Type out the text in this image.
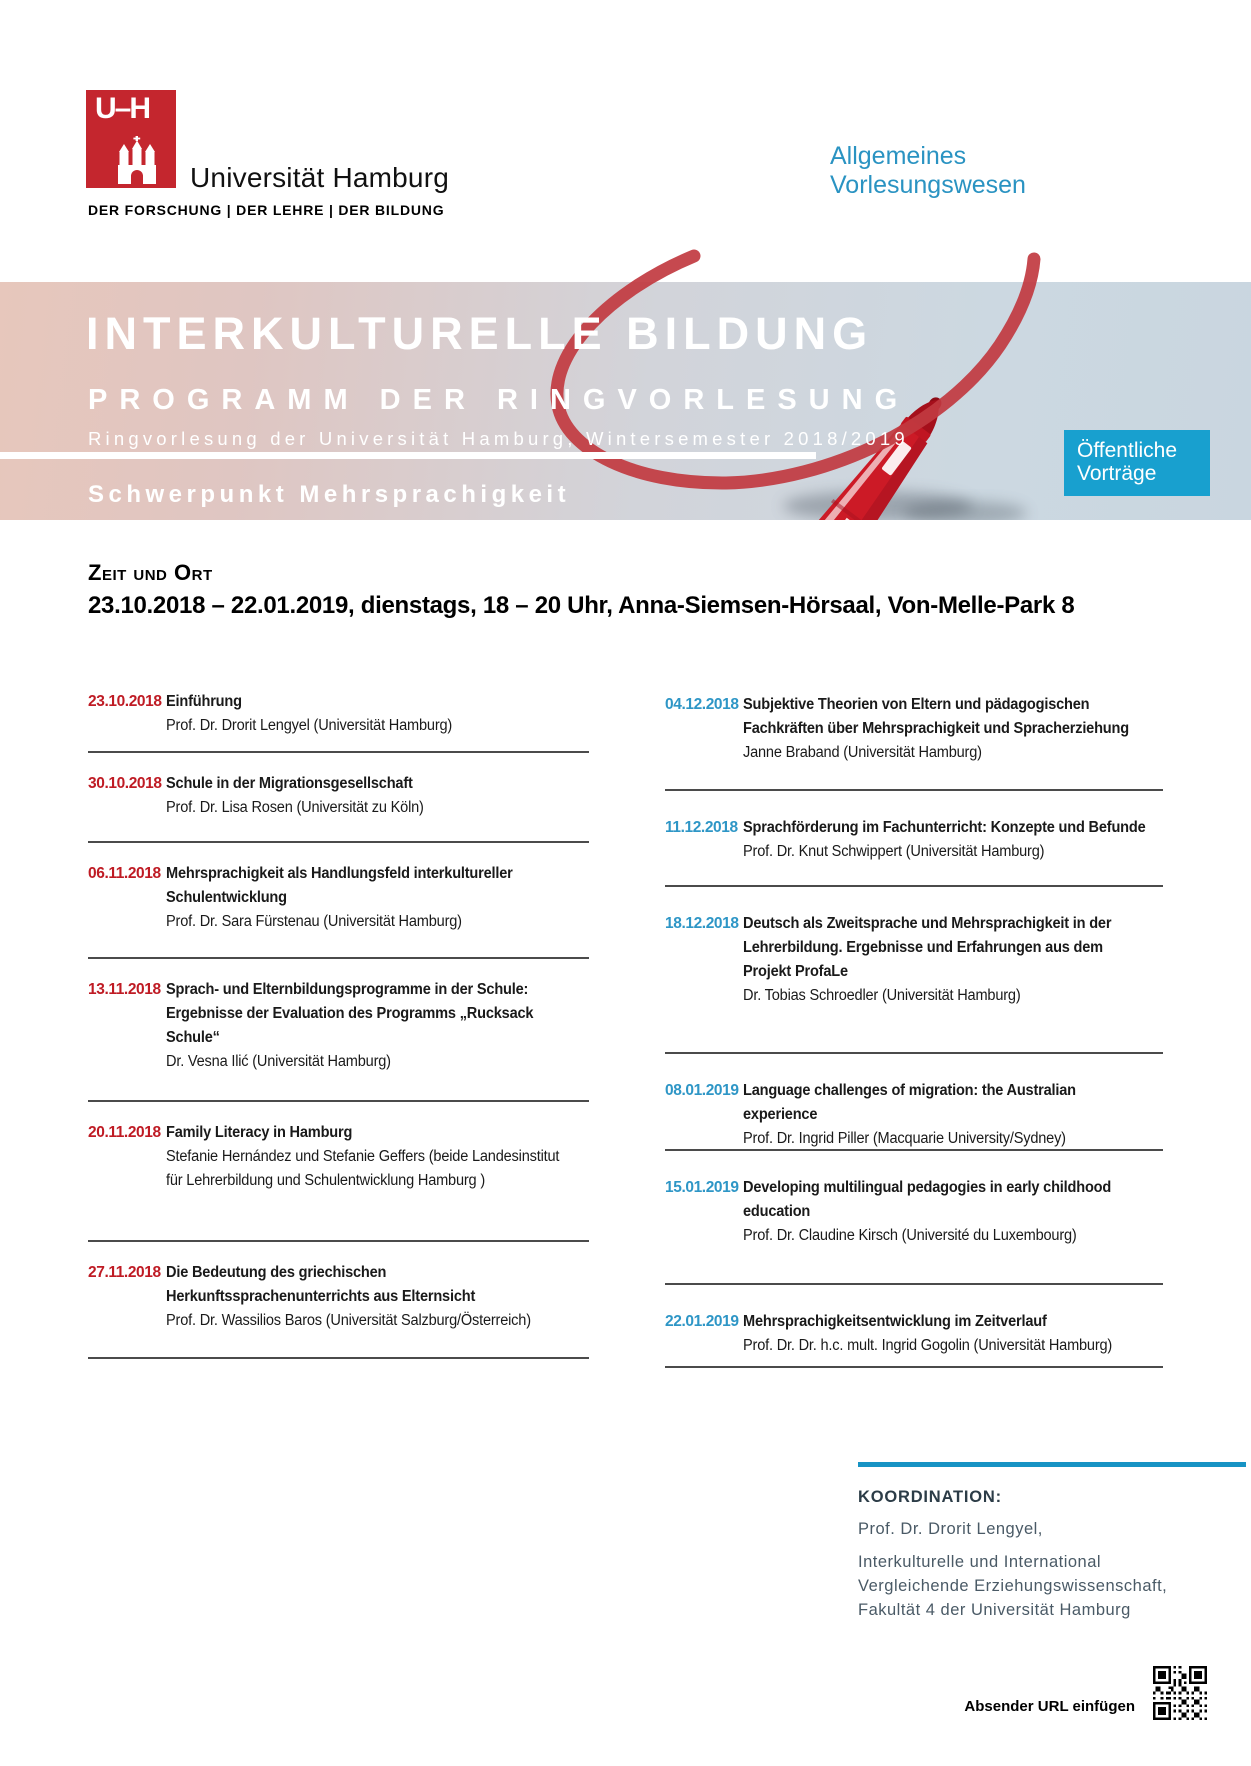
U–H
Universität Hamburg
DER FORSCHUNG | DER LEHRE | DER BILDUNG
Allgemeines
Vorlesungswesen
INTERKULTURELLE BILDUNG
PROGRAMM DER RINGVORLESUNG
Ringvorlesung der Universität Hamburg, Wintersemester 2018/2019
Schwerpunkt Mehrsprachigkeit
Öffentliche
Vorträge
Zeit und Ort
23.10.2018 – 22.01.2019, dienstags, 18 – 20 Uhr, Anna-Siemsen-Hörsaal, Von-Melle-Park 8
23.10.2018 Einführung
Prof. Dr. Drorit Lengyel (Universität Hamburg)
30.10.2018 Schule in der Migrationsgesellschaft
Prof. Dr. Lisa Rosen (Universität zu Köln)
06.11.2018 Mehrsprachigkeit als Handlungsfeld interkultureller Schulentwicklung
Prof. Dr. Sara Fürstenau (Universität Hamburg)
13.11.2018 Sprach- und Elternbildungsprogramme in der Schule: Ergebnisse der Evaluation des Programms „Rucksack Schule“
Dr. Vesna Ilić (Universität Hamburg)
20.11.2018 Family Literacy in Hamburg
Stefanie Hernández und Stefanie Geffers (beide Landesinstitut für Lehrerbildung und Schulentwicklung Hamburg )
27.11.2018 Die Bedeutung des griechischen Herkunftssprachenunterrichts aus Elternsicht
Prof. Dr. Wassilios Baros (Universität Salzburg/Österreich)
04.12.2018 Subjektive Theorien von Eltern und pädagogischen Fachkräften über Mehrsprachigkeit und Spracherziehung
Janne Braband (Universität Hamburg)
11.12.2018 Sprachförderung im Fachunterricht: Konzepte und Befunde
Prof. Dr. Knut Schwippert (Universität Hamburg)
18.12.2018 Deutsch als Zweitsprache und Mehrsprachigkeit in der Lehrerbildung. Ergebnisse und Erfahrungen aus dem Projekt ProfaLe
Dr. Tobias Schroedler (Universität Hamburg)
08.01.2019 Language challenges of migration: the Australian experience
Prof. Dr. Ingrid Piller (Macquarie University/Sydney)
15.01.2019 Developing multilingual pedagogies in early childhood education
Prof. Dr. Claudine Kirsch (Université du Luxembourg)
22.01.2019 Mehrsprachigkeitsentwicklung im Zeitverlauf
Prof. Dr. Dr. h.c. mult. Ingrid Gogolin (Universität Hamburg)
KOORDINATION:
Prof. Dr. Drorit Lengyel,
Interkulturelle und International
Vergleichende Erziehungswissenschaft,
Fakultät 4 der Universität Hamburg
Absender URL einfügen
